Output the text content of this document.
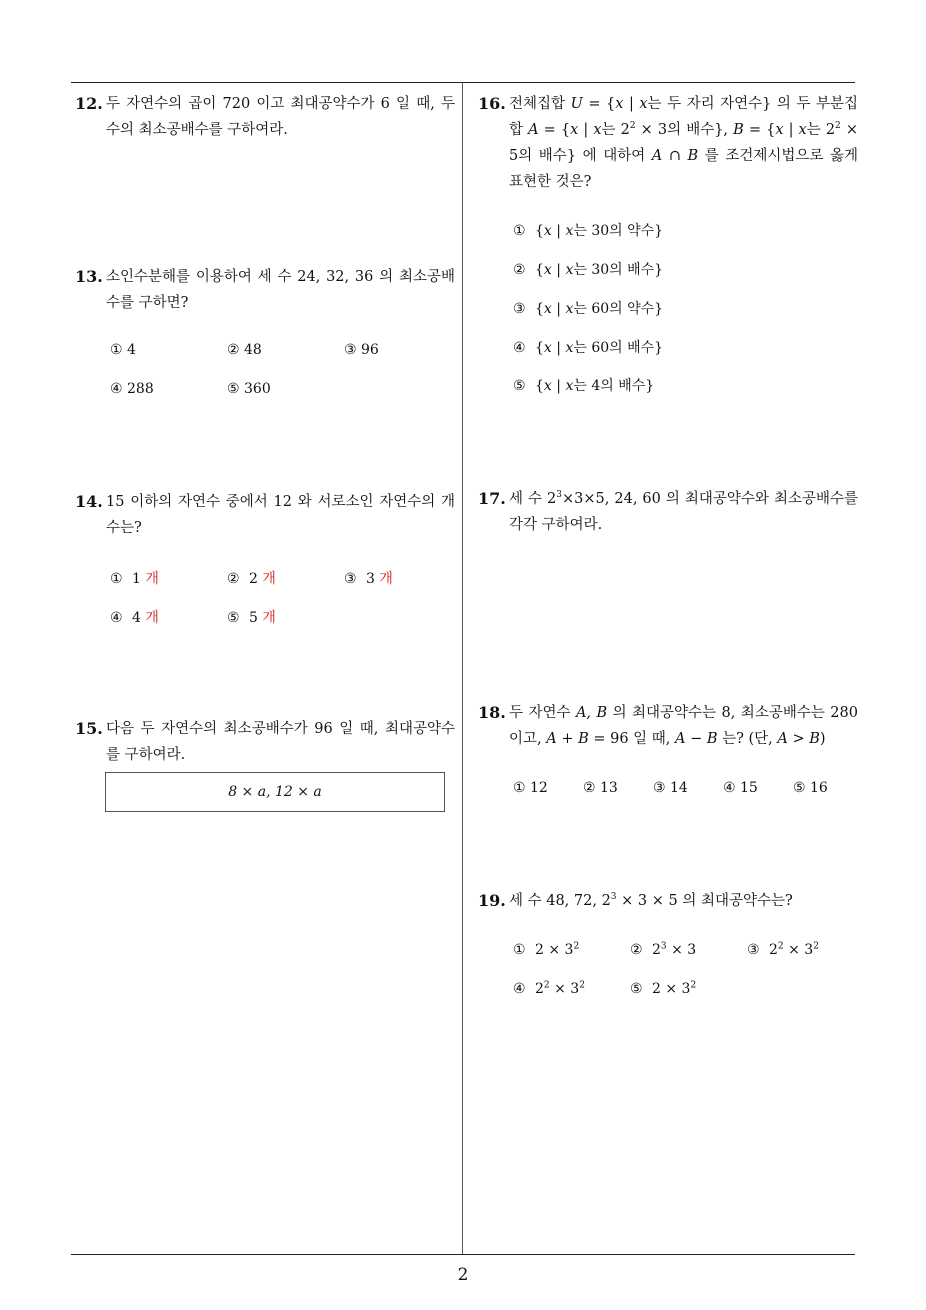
2
12. 두 자연수의 곱이 720 이고 최대공약수가 6 일 때, 두 수의 최소공배수를 구하여라.
13. 소인수분해를 이용하여 세 수 24, 32, 36 의 최소공배수를 구하면?
① 4	② 48	③ 96
④ 288	⑤ 360
14. 15 이하의 자연수 중에서 12 와 서로소인 자연수의 개수는?
① 1 개	② 2 개	③ 3 개
④ 4 개	⑤ 5 개
15. 다음 두 자연수의 최소공배수가 96 일 때, 최대공약수를 구하여라.
8 × a, 12 × a
16. 전체집합 U = {x | x는 두 자리 자연수} 의 두 부분집합 A = {x | x는 $2^2 \times 3$의 배수}, B = {x | x는 $2^2 \times 5$의 배수} 에 대하여 A ∩ B 를 조건제시법으로 옳게 표현한 것은?
① {x | x는 30의 약수}
② {x | x는 30의 배수}
③ {x | x는 60의 약수}
④ {x | x는 60의 배수}
⑤ {x | x는 4의 배수}
17. 세 수 $2^3\times 3\times 5$, 24, 60 의 최대공약수와 최소공배수를 각각 구하여라.
18. 두 자연수 A, B 의 최대공약수는 8, 최소공배수는 280 이고, A + B = 96 일 때, A − B 는? (단, A > B)
① 12	② 13	③ 14	④ 15	⑤ 16
19. 세 수 48, 72, $2^3 \times 3 \times 5$ 의 최대공약수는?
① $2 \times 3^2$	② $2^3 \times 3$	③ $2^2 \times 3^2$
④ $2^2 \times 3^2$	⑤ $2 \times 3^2$
